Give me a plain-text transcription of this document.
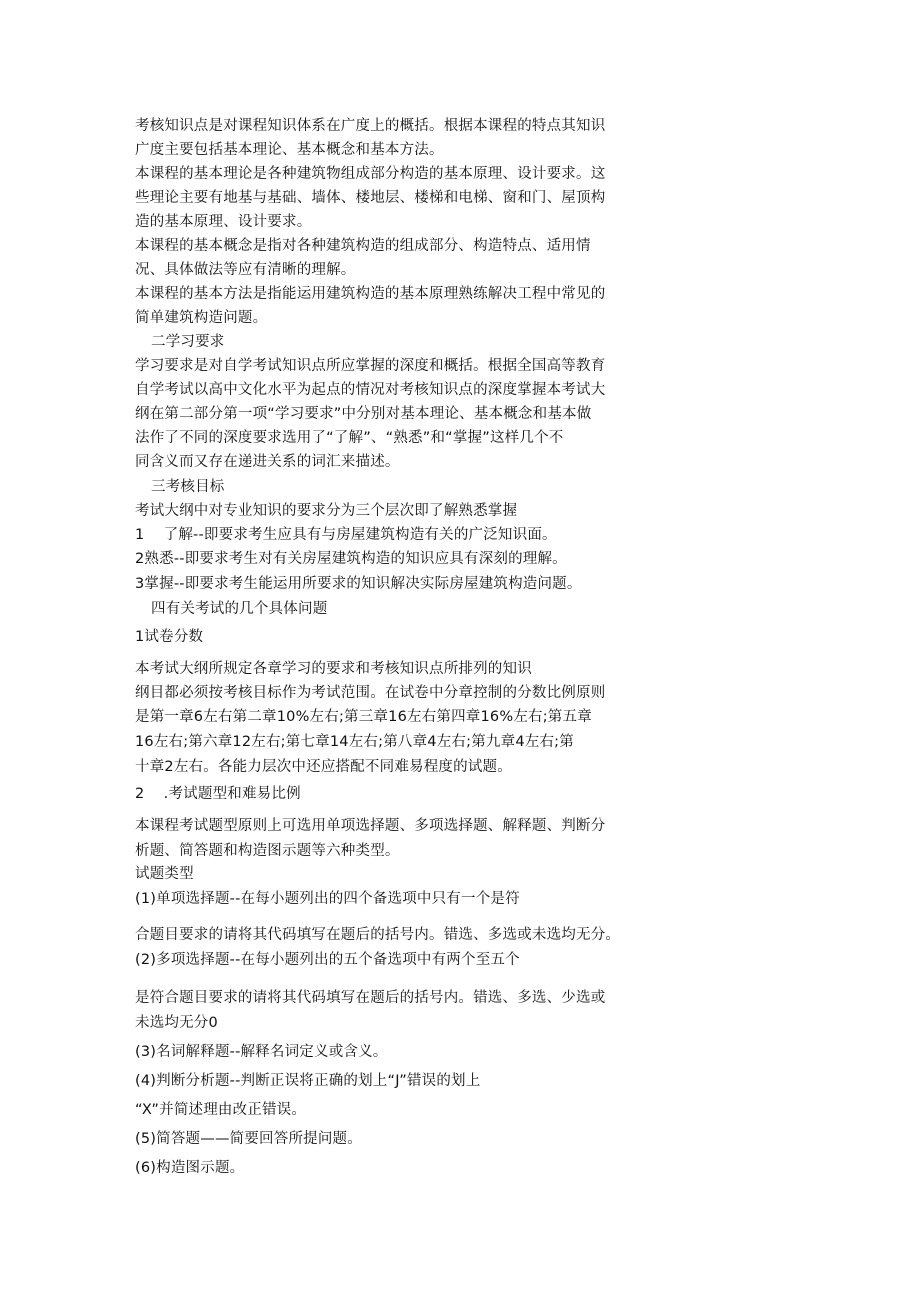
考核知识点是对课程知识体系在广度上的概括。根据本课程的特点其知识
广度主要包括基本理论、基本概念和基本方法。
本课程的基本理论是各种建筑物组成部分构造的基本原理、设计要求。这
些理论主要有地基与基础、墙体、楼地层、楼梯和电梯、窗和门、屋顶构
造的基本原理、设计要求。
本课程的基本概念是指对各种建筑构造的组成部分、构造特点、适用情
况、具体做法等应有清晰的理解。
本课程的基本方法是指能运用建筑构造的基本原理熟练解决工程中常见的
简单建筑构造问题。
二学习要求
学习要求是对自学考试知识点所应掌握的深度和概括。根据全国高等教育
自学考试以高中文化水平为起点的情况对考核知识点的深度掌握本考试大
纲在第二部分第一项“学习要求”中分别对基本理论、基本概念和基本做
法作了不同的深度要求选用了“了解”、“熟悉”和“掌握”这样几个不
同含义而又存在递进关系的词汇来描述。
三考核目标
考试大纲中对专业知识的要求分为三个层次即了解熟悉掌握
1    了解--即要求考生应具有与房屋建筑构造有关的广泛知识面。
2熟悉--即要求考生对有关房屋建筑构造的知识应具有深刻的理解。
3掌握--即要求考生能运用所要求的知识解决实际房屋建筑构造问题。
四有关考试的几个具体问题
1试卷分数
本考试大纲所规定各章学习的要求和考核知识点所排列的知识
纲目都必须按考核目标作为考试范围。在试卷中分章控制的分数比例原则
是第一章6左右第二章10%左右;第三章16左右第四章16%左右;第五章
16左右;第六章12左右;第七章14左右;第八章4左右;第九章4左右;第
十章2左右。各能力层次中还应搭配不同难易程度的试题。
2    .考试题型和难易比例
本课程考试题型原则上可选用单项选择题、多项选择题、解释题、判断分
析题、简答题和构造图示题等六种类型。
试题类型
(1)单项选择题--在每小题列出的四个备选项中只有一个是符
合题目要求的请将其代码填写在题后的括号内。错选、多选或未选均无分。
(2)多项选择题--在每小题列出的五个备选项中有两个至五个
是符合题目要求的请将其代码填写在题后的括号内。错选、多选、少选或
未选均无分0
(3)名词解释题--解释名词定义或含义。
(4)判断分析题--判断正误将正确的划上“J”错误的划上
“X”并简述理由改正错误。
(5)简答题——简要回答所提问题。
(6)构造图示题。
